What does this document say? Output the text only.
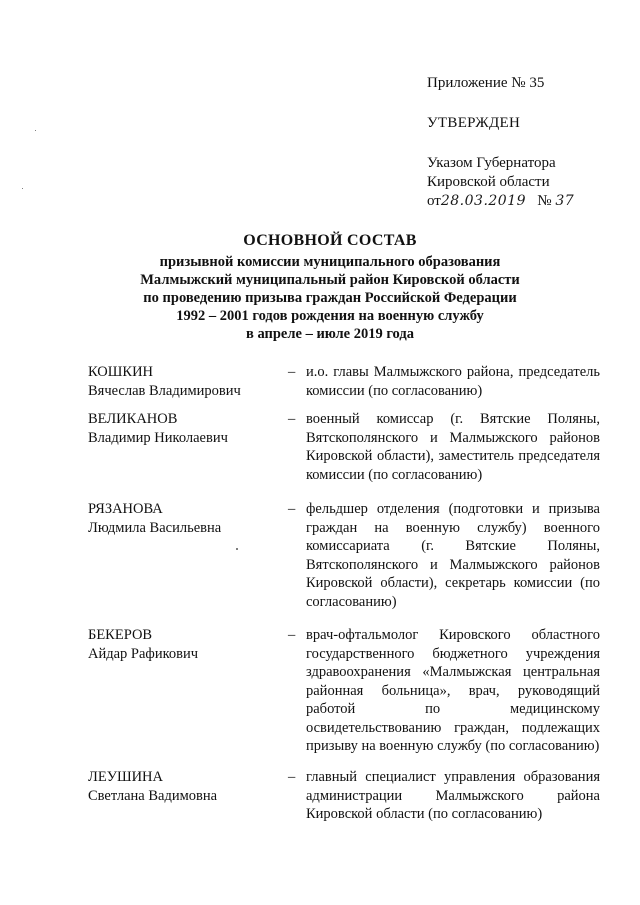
Приложение № 35

УТВЕРЖДЕН

Указом Губернатора

Кировской области

от28.03.2019 № 37

ОСНОВНОЙ СОСТАВ

призывной комиссии муниципального образования

Малмыжский муниципальный район Кировской области

по проведению призыва граждан Российской Федерации

1992 – 2001 годов рождения на военную службу

в апреле – июле 2019 года

КОШКИН
Вячеслав Владимирович
– и.о. главы Малмыжского района, председатель комиссии (по согласованию)
ВЕЛИКАНОВ
Владимир Николаевич
– военный комиссар (г. Вятские Поляны, Вятскополянского и Малмыжского районов Кировской области), заместитель председателя комиссии (по согласованию)
РЯЗАНОВА
Людмила Васильевна
– фельдшер отделения (подготовки и призыва граждан на военную службу) военного комиссариата (г. Вятские Поляны, Вятскополянского и Малмыжского районов Кировской области), секретарь комиссии (по согласованию)
БЕКЕРОВ
Айдар Рафикович
– врач-офтальмолог Кировского областного государственного бюджетного учреждения здравоохранения «Малмыжская центральная районная больница», врач, руководящий работой по медицинскому освидетельствованию граждан, подлежащих призыву на военную службу (по согласованию)
ЛЕУШИНА
Светлана Вадимовна
– главный специалист управления образования администрации Малмыжского района Кировской области (по согласованию)
